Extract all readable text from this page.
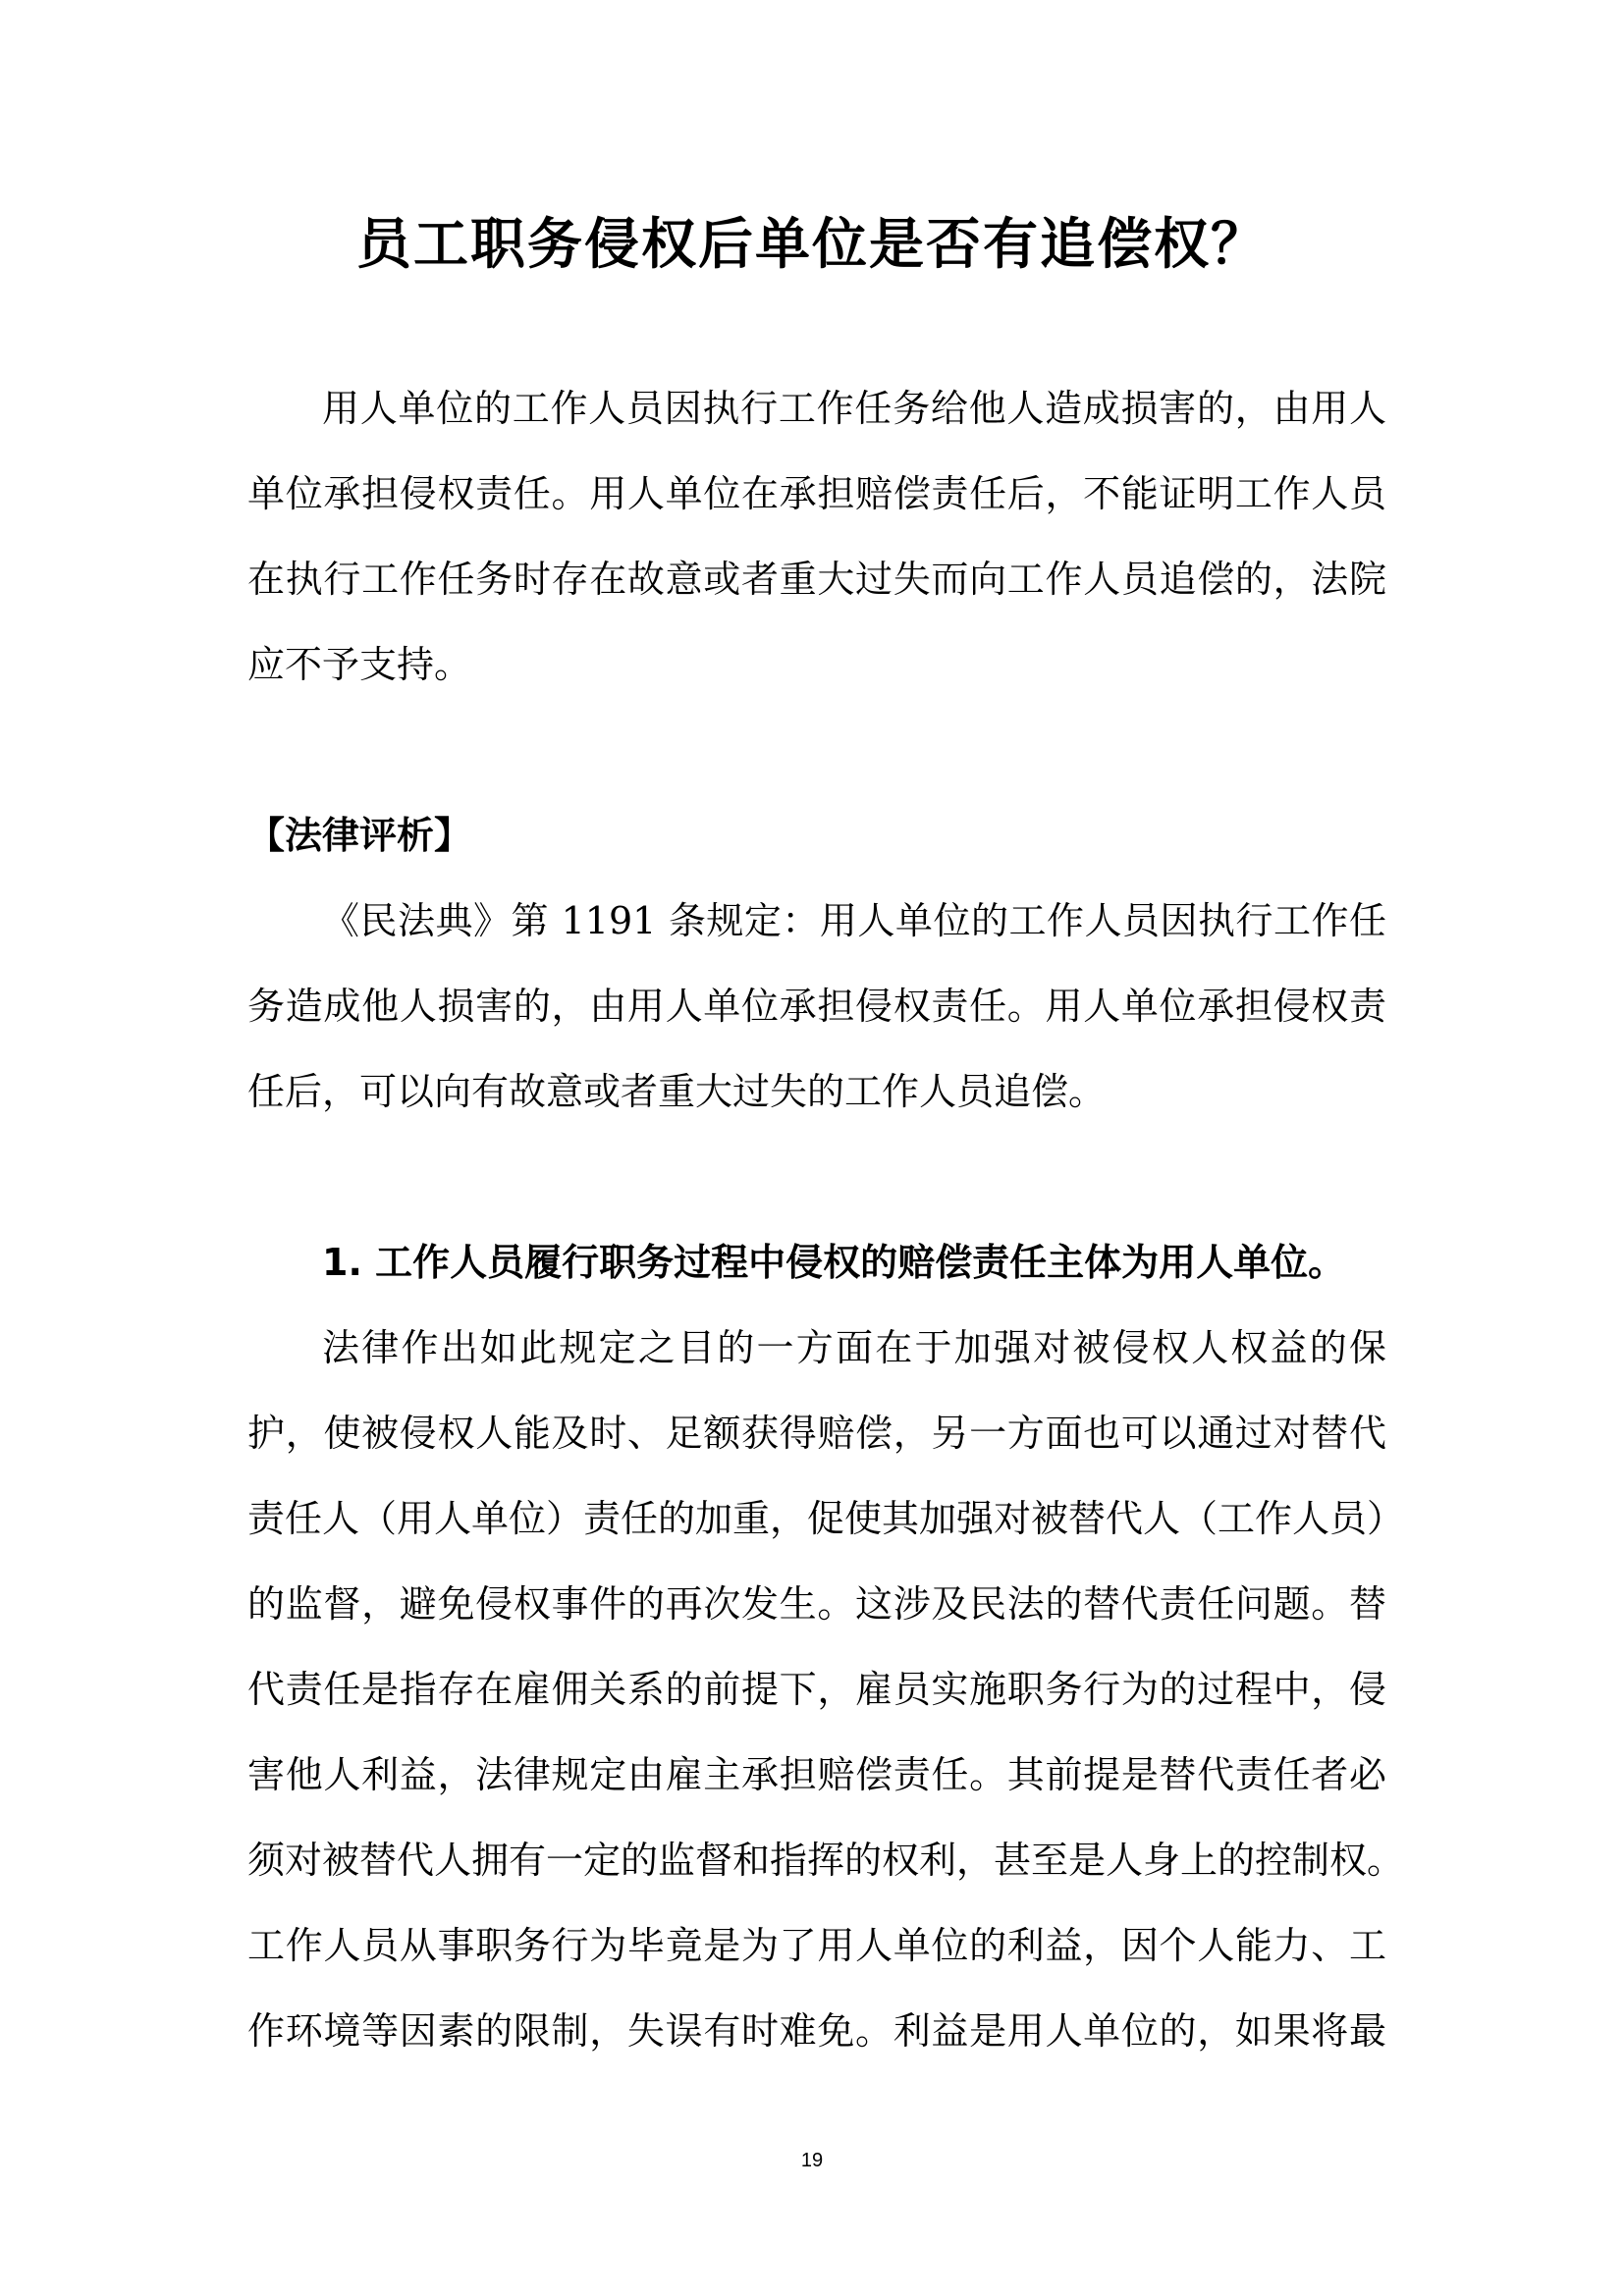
员工职务侵权后单位是否有追偿权？
用人单位的工作人员因执行工作任务给他人造成损害的，由用人
单位承担侵权责任。用人单位在承担赔偿责任后，不能证明工作人员
在执行工作任务时存在故意或者重大过失而向工作人员追偿的，法院
应不予支持。
【法律评析】
《民法典》第 1191 条规定：用人单位的工作人员因执行工作任
务造成他人损害的，由用人单位承担侵权责任。用人单位承担侵权责
任后，可以向有故意或者重大过失的工作人员追偿。
1. 工作人员履行职务过程中侵权的赔偿责任主体为用人单位。
法律作出如此规定之目的一方面在于加强对被侵权人权益的保
护，使被侵权人能及时、足额获得赔偿，另一方面也可以通过对替代
责任人（用人单位）责任的加重，促使其加强对被替代人（工作人员）
的监督，避免侵权事件的再次发生。这涉及民法的替代责任问题。替
代责任是指存在雇佣关系的前提下，雇员实施职务行为的过程中，侵
害他人利益，法律规定由雇主承担赔偿责任。其前提是替代责任者必
须对被替代人拥有一定的监督和指挥的权利，甚至是人身上的控制权。
工作人员从事职务行为毕竟是为了用人单位的利益，因个人能力、工
作环境等因素的限制，失误有时难免。利益是用人单位的，如果将最
19
